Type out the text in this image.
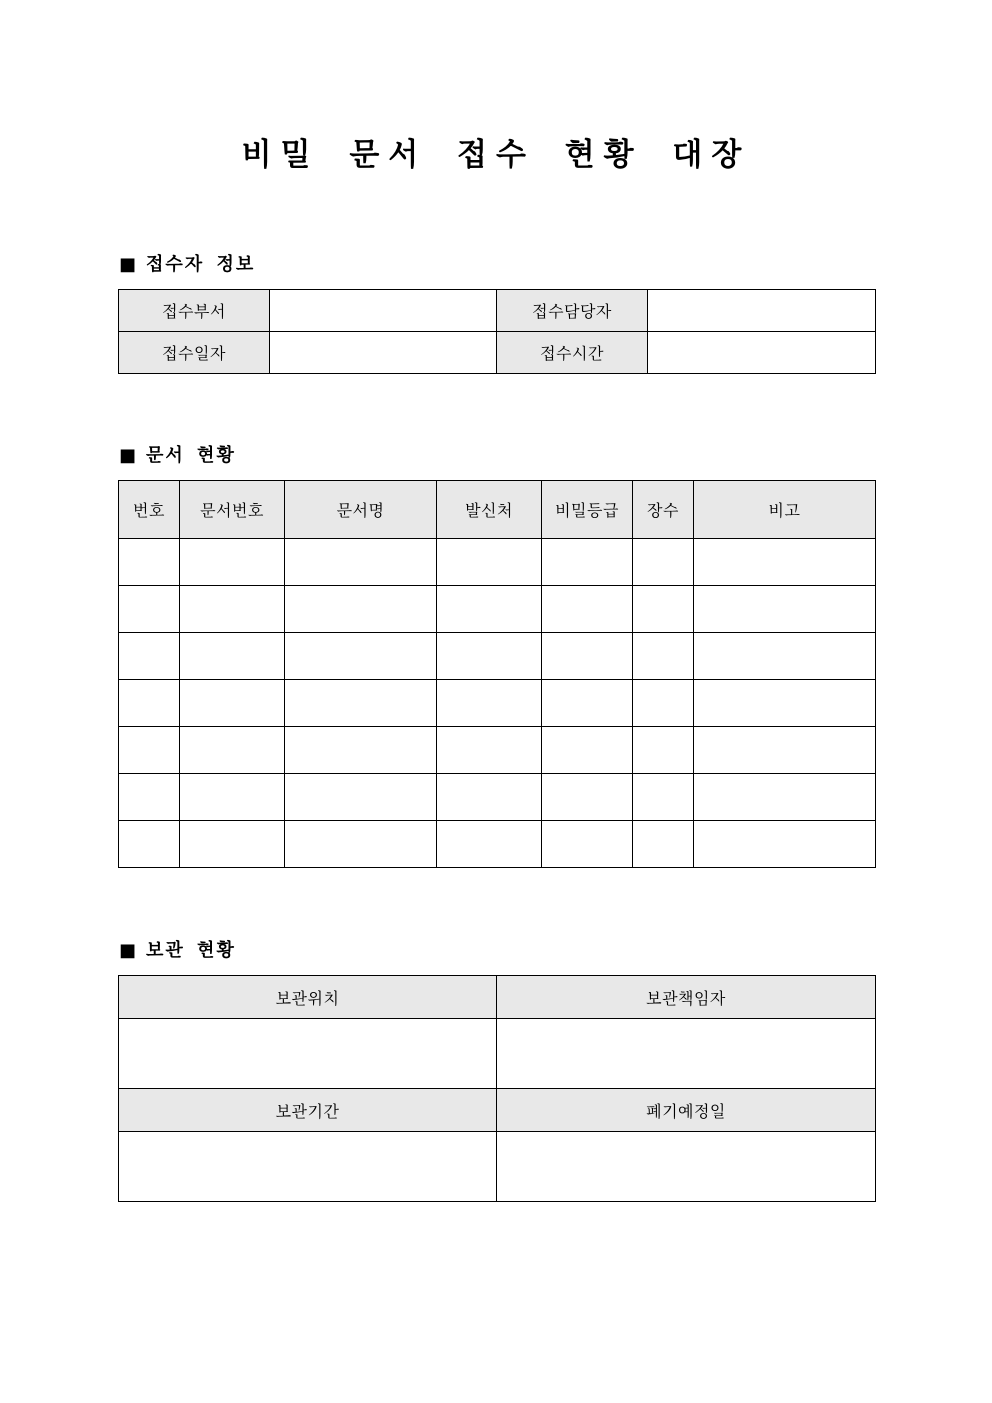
비밀 문서 접수 현황 대장
■ 접수자 정보
접수부서		접수담당자	
접수일자		접수시간	
■ 문서 현황
번호	문서번호	문서명	발신처	비밀등급	장수	비고

■ 보관 현황
보관위치	보관책임자

보관기간	폐기예정일
